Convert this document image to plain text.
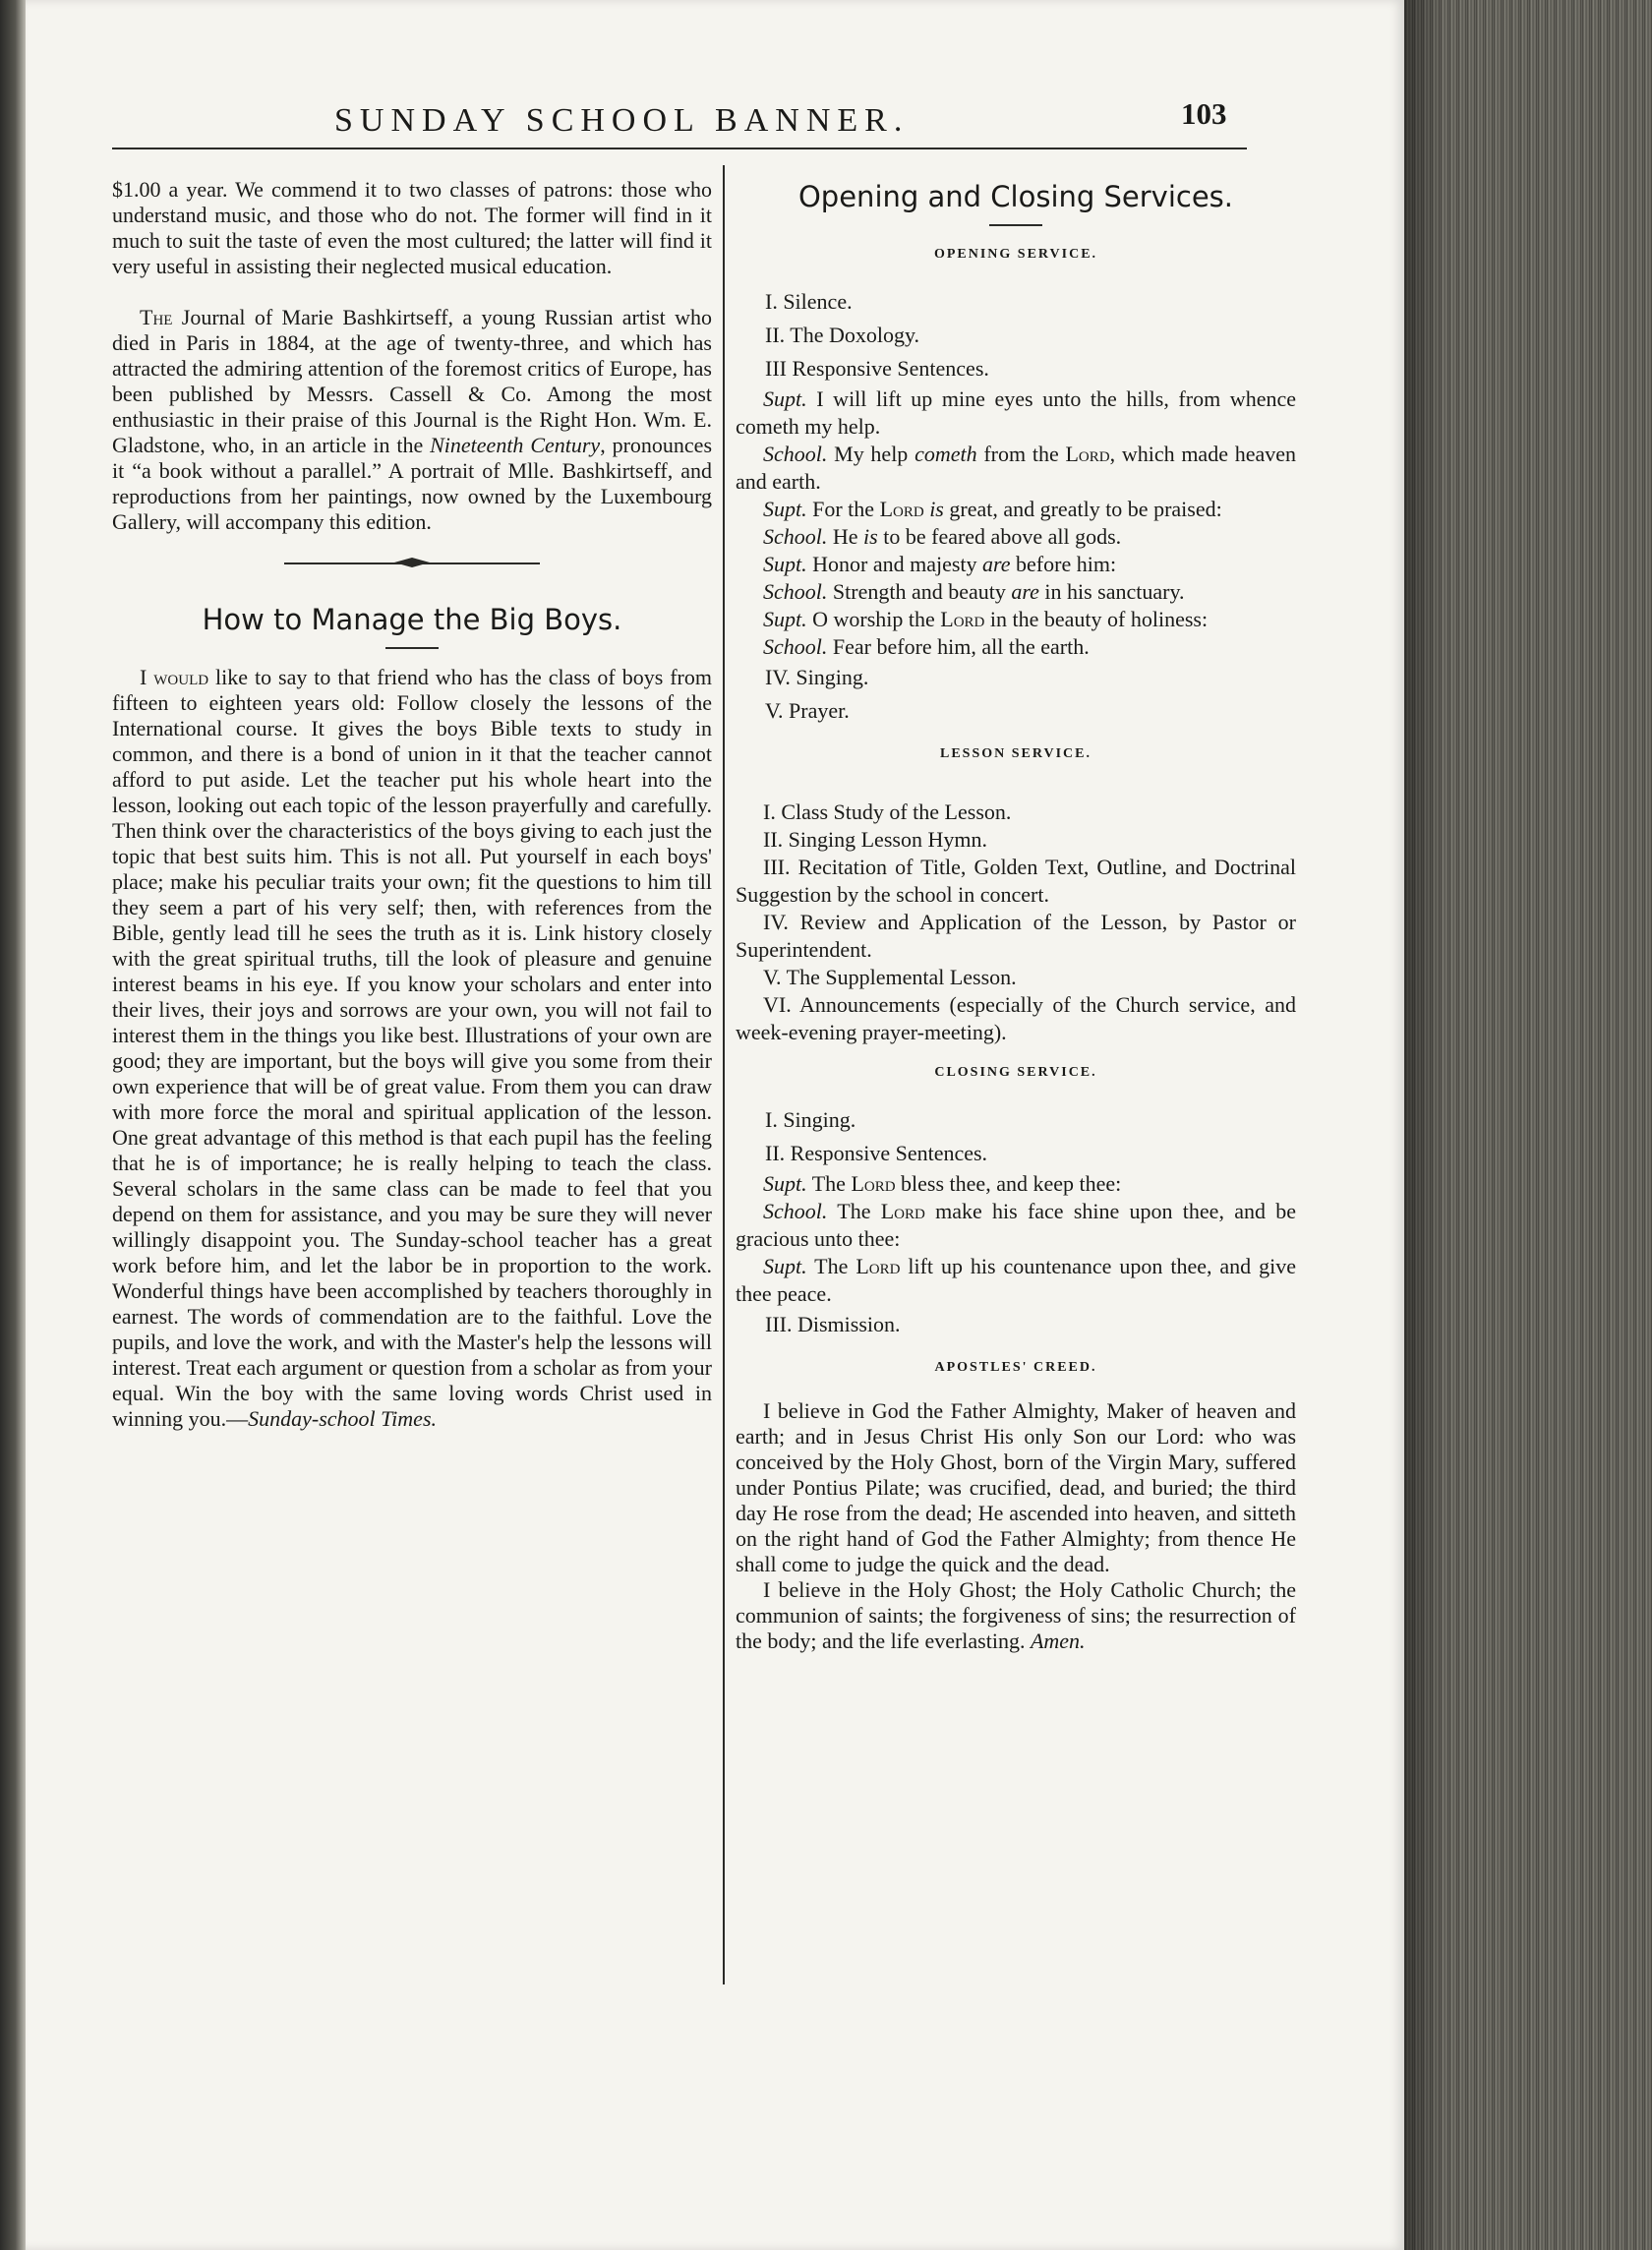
SUNDAY SCHOOL BANNER.	103

$1.00 a year. We commend it to two classes of patrons: those who understand music, and those who do not. The former will find in it much to suit the taste of even the most cultured; the latter will find it very useful in assisting their neglected musical education.

The Journal of Marie Bashkirtseff, a young Russian artist who died in Paris in 1884, at the age of twenty-three, and which has attracted the admiring attention of the foremost critics of Europe, has been published by Messrs. Cassell & Co. Among the most enthusiastic in their praise of this Journal is the Right Hon. Wm. E. Gladstone, who, in an article in the Nineteenth Century, pronounces it “a book without a parallel.” A portrait of Mlle. Bashkirtseff, and reproductions from her paintings, now owned by the Luxembourg Gallery, will accompany this edition.

How to Manage the Big Boys.

I would like to say to that friend who has the class of boys from fifteen to eighteen years old: Follow closely the lessons of the International course. It gives the boys Bible texts to study in common, and there is a bond of union in it that the teacher cannot afford to put aside. Let the teacher put his whole heart into the lesson, looking out each topic of the lesson prayerfully and carefully. Then think over the characteristics of the boys giving to each just the topic that best suits him. This is not all. Put yourself in each boys' place; make his peculiar traits your own; fit the questions to him till they seem a part of his very self; then, with references from the Bible, gently lead till he sees the truth as it is. Link history closely with the great spiritual truths, till the look of pleasure and genuine interest beams in his eye. If you know your scholars and enter into their lives, their joys and sorrows are your own, you will not fail to interest them in the things you like best. Illustrations of your own are good; they are important, but the boys will give you some from their own experience that will be of great value. From them you can draw with more force the moral and spiritual application of the lesson. One great advantage of this method is that each pupil has the feeling that he is of importance; he is really helping to teach the class. Several scholars in the same class can be made to feel that you depend on them for assistance, and you may be sure they will never willingly disappoint you. The Sunday-school teacher has a great work before him, and let the labor be in proportion to the work. Wonderful things have been accomplished by teachers thoroughly in earnest. The words of commendation are to the faithful. Love the pupils, and love the work, and with the Master's help the lessons will interest. Treat each argument or question from a scholar as from your equal. Win the boy with the same loving words Christ used in winning you.—Sunday-school Times.

Opening and Closing Services.
OPENING SERVICE.

I. Silence.

II. The Doxology.

III Responsive Sentences.

Supt. I will lift up mine eyes unto the hills, from whence cometh my help.

School. My help cometh from the Lord, which made heaven and earth.

Supt. For the Lord is great, and greatly to be praised:

School. He is to be feared above all gods.

Supt. Honor and majesty are before him:

School. Strength and beauty are in his sanctuary.

Supt. O worship the Lord in the beauty of holiness:

School. Fear before him, all the earth.

IV. Singing.

V. Prayer.

LESSON SERVICE.

I. Class Study of the Lesson.

II. Singing Lesson Hymn.

III. Recitation of Title, Golden Text, Outline, and Doctrinal Suggestion by the school in concert.

IV. Review and Application of the Lesson, by Pastor or Superintendent.

V. The Supplemental Lesson.

VI. Announcements (especially of the Church service, and week-evening prayer-meeting).

CLOSING SERVICE.

I. Singing.

II. Responsive Sentences.

Supt. The Lord bless thee, and keep thee:

School. The Lord make his face shine upon thee, and be gracious unto thee:

Supt. The Lord lift up his countenance upon thee, and give thee peace.

III. Dismission.

APOSTLES' CREED.

I believe in God the Father Almighty, Maker of heaven and earth; and in Jesus Christ His only Son our Lord: who was conceived by the Holy Ghost, born of the Virgin Mary, suffered under Pontius Pilate; was crucified, dead, and buried; the third day He rose from the dead; He ascended into heaven, and sitteth on the right hand of God the Father Almighty; from thence He shall come to judge the quick and the dead.

I believe in the Holy Ghost; the Holy Catholic Church; the communion of saints; the forgiveness of sins; the resurrection of the body; and the life everlasting. Amen.
